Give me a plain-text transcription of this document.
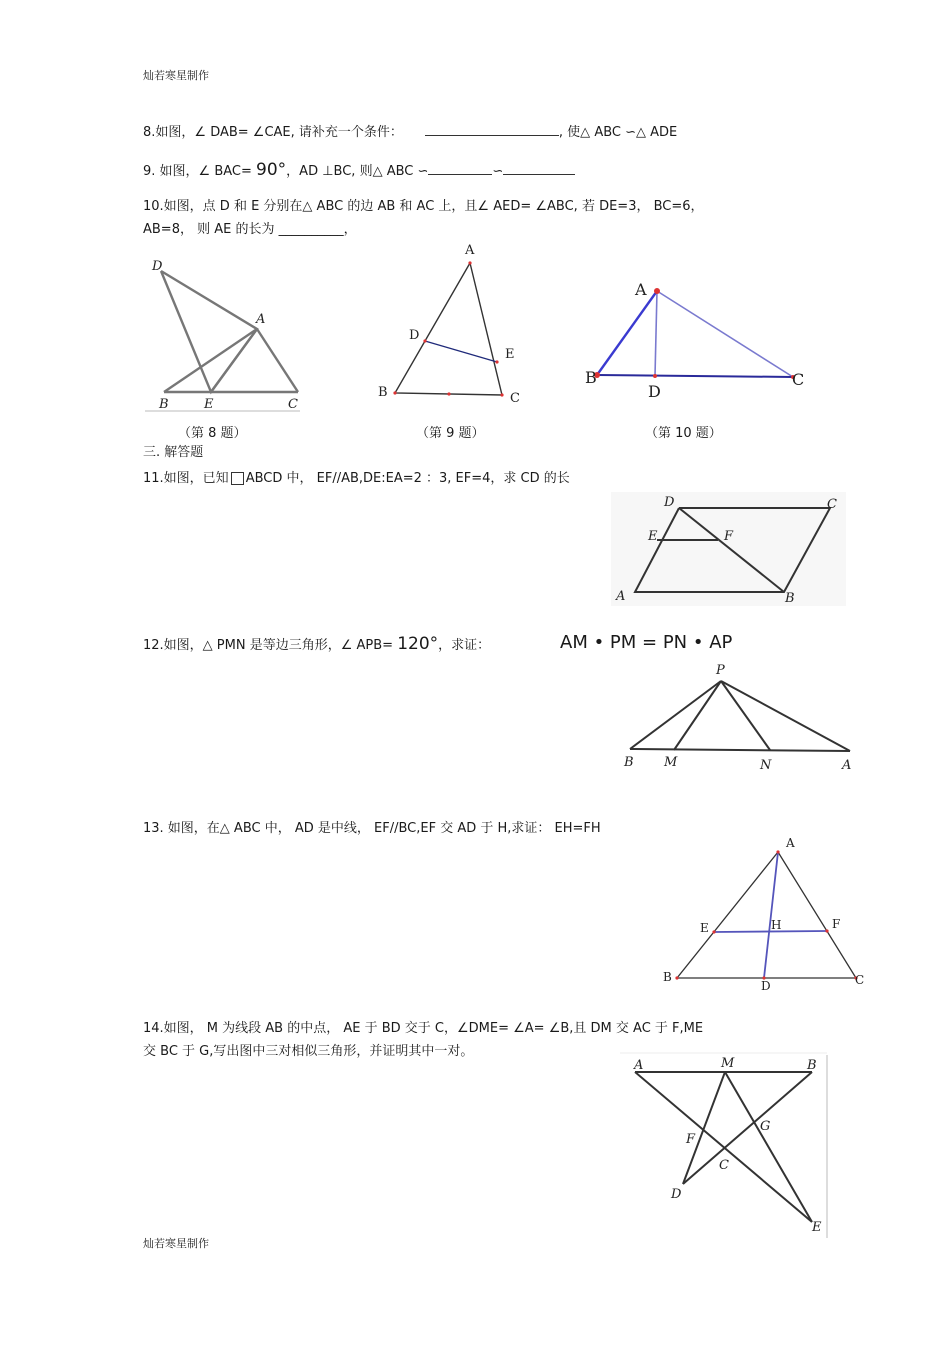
灿若寒星制作
8.如图，∠ DAB= ∠CAE, 请补充一个条件：	, 使△ ABC ∽△ ADE
9. 如图，∠ BAC= 90°，AD ⊥BC, 则△ ABC ∽	∽
10.如图，点 D 和 E 分别在△ ABC 的边 AB 和 AC 上，且∠ AED= ∠ABC, 若 DE=3， BC=6，
AB=8， 则 AE 的长为 __________，
D
A
B	E	C
（第 8 题）
A
D
E
B	C
（第 9 题）
A
B
D
C
（第 10 题）
三. 解答题
11.如图，已知 ABCD 中， EF//AB,DE:EA=2 ：3, EF=4，求 CD 的长
D	C
E	F
A	B
12.如图，△ PMN 是等边三角形，∠ APB= 120°，求证：	AM • PM = PN • AP
P
B M	N	A
13. 如图，在△ ABC 中， AD 是中线， EF//BC,EF 交 AD 于 H,求证： EH=FH
A
E	H	F
B
D	C
14.如图， M 为线段 AB 的中点， AE 于 BD 交于 C，∠DME= ∠A= ∠B,且 DM 交 AC 于 F,ME
交 BC 于 G,写出图中三对相似三角形，并证明其中一对。
A	M	B
F
G
C
D
E
灿若寒星制作
